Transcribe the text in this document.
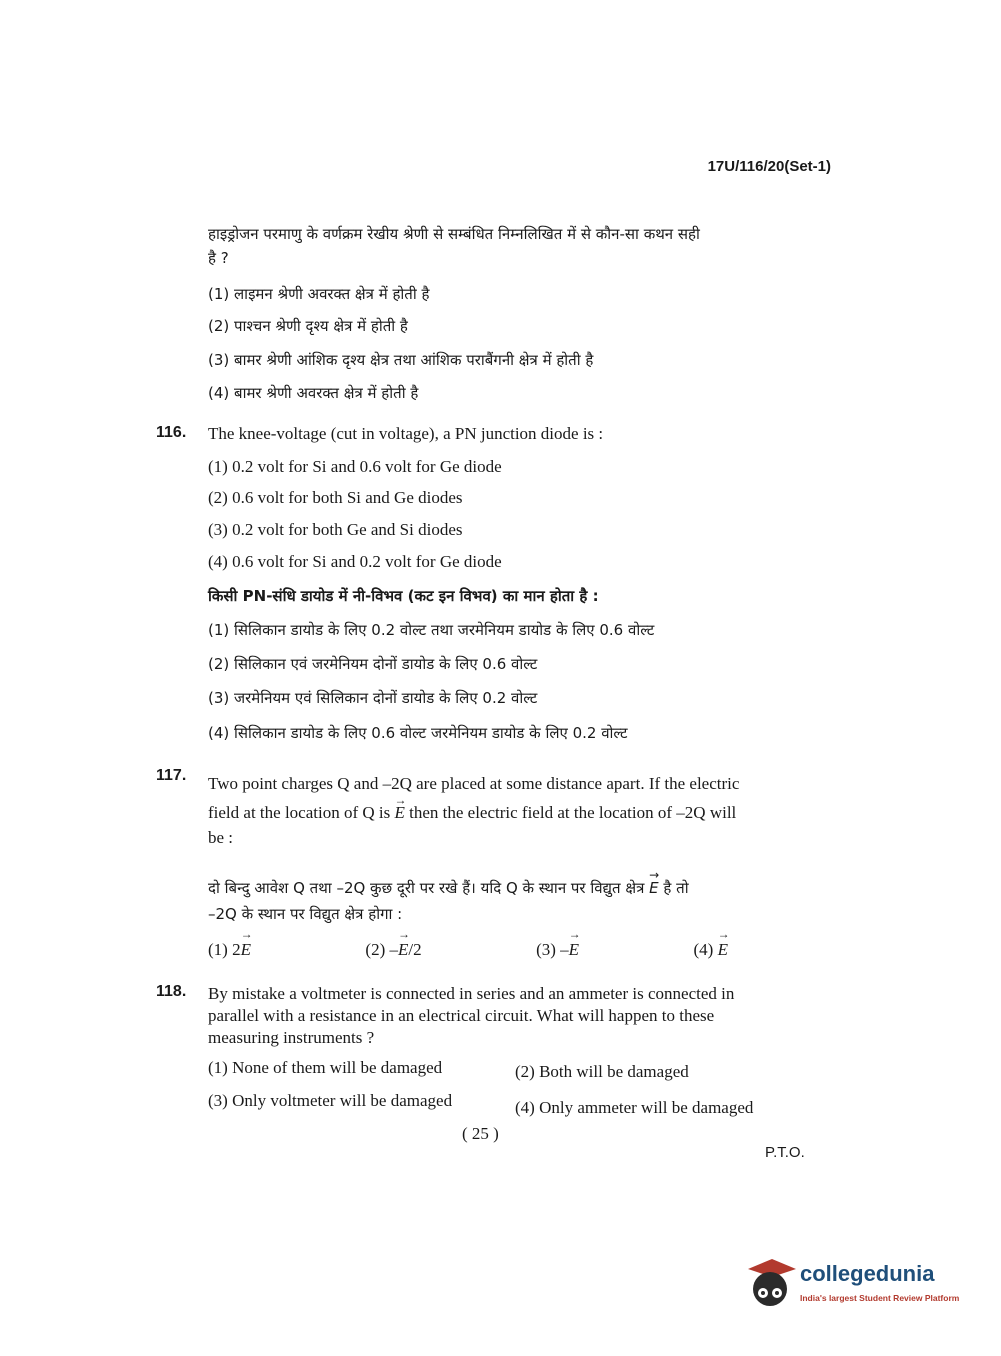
17U/116/20(Set-1)
हाइड्रोजन परमाणु के वर्णक्रम रेखीय श्रेणी से सम्बंधित निम्नलिखित में से कौन-सा कथन सही
है ?
(1) लाइमन श्रेणी अवरक्त क्षेत्र में होती है
(2) पाश्चन श्रेणी दृश्य क्षेत्र में होती है
(3) बामर श्रेणी आंशिक दृश्य क्षेत्र तथा आंशिक पराबैंगनी क्षेत्र में होती है
(4) बामर श्रेणी अवरक्त क्षेत्र में होती है
116. The knee-voltage (cut in voltage), a PN junction diode is :
(1) 0.2 volt for Si and 0.6 volt for Ge diode
(2) 0.6 volt for both Si and Ge diodes
(3) 0.2 volt for both Ge and Si diodes
(4) 0.6 volt for Si and 0.2 volt for Ge diode
किसी PN-संधि डायोड में नी-विभव (कट इन विभव) का मान होता है :
(1) सिलिकान डायोड के लिए 0.2 वोल्ट तथा जरमेनियम डायोड के लिए 0.6 वोल्ट
(2) सिलिकान एवं जरमेनियम दोनों डायोड के लिए 0.6 वोल्ट
(3) जरमेनियम एवं सिलिकान दोनों डायोड के लिए 0.2 वोल्ट
(4) सिलिकान डायोड के लिए 0.6 वोल्ट जरमेनियम डायोड के लिए 0.2 वोल्ट
117. Two point charges Q and –2Q are placed at some distance apart. If the electric
field at the location of Q is → E then the electric field at the location of –2Q will
be :
दो बिन्दु आवेश Q तथा –2Q कुछ दूरी पर रखे हैं। यदि Q के स्थान पर विद्युत क्षेत्र → E है तो
–2Q के स्थान पर विद्युत क्षेत्र होगा :
(1) 2→ E	(2) –→ E/2	(3) –→ E	(4) → E
118. By mistake a voltmeter is connected in series and an ammeter is connected in
parallel with a resistance in an electrical circuit. What will happen to these
measuring instruments ?
(1) None of them will be damaged	(2) Both will be damaged
(3) Only voltmeter will be damaged	(4) Only ammeter will be damaged
( 25 )
P.T.O.
collegedunia
India's largest Student Review Platform
